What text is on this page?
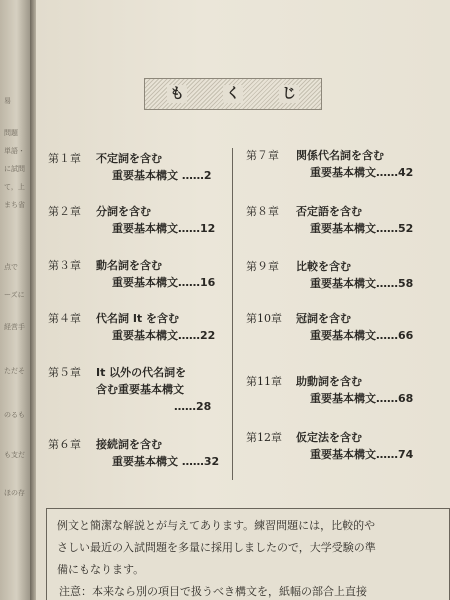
易
問題
単語・
に試問
て，上
まち省
点で
ーズに
経営手
ただそ
のるも
も支だ
ほの存
も	く	じ
第１章 不定詞を含む
重要基本構文 ……2
第２章 分詞を含む
重要基本構文……12
第３章 動名詞を含む
重要基本構文……16
第４章 代名詞 It を含む
重要基本構文……22
第５章 It 以外の代名詞を
含む重要基本構文
……28
第６章 接続詞を含む
重要基本構文 ……32
第７章 関係代名詞を含む
重要基本構文……42
第８章 否定語を含む
重要基本構文……52
第９章 比較を含む
重要基本構文……58
第10章 冠詞を含む
重要基本構文……66
第11章 助動詞を含む
重要基本構文……68
第12章 仮定法を含む
重要基本構文……74
例文と簡潔な解説とが与えてあります。練習問題には，比較的や
さしい最近の入試問題を多量に採用しましたので，大学受験の準
備にもなります。
注意：本来なら別の項目で扱うべき構文を，紙幅の部合上直接
